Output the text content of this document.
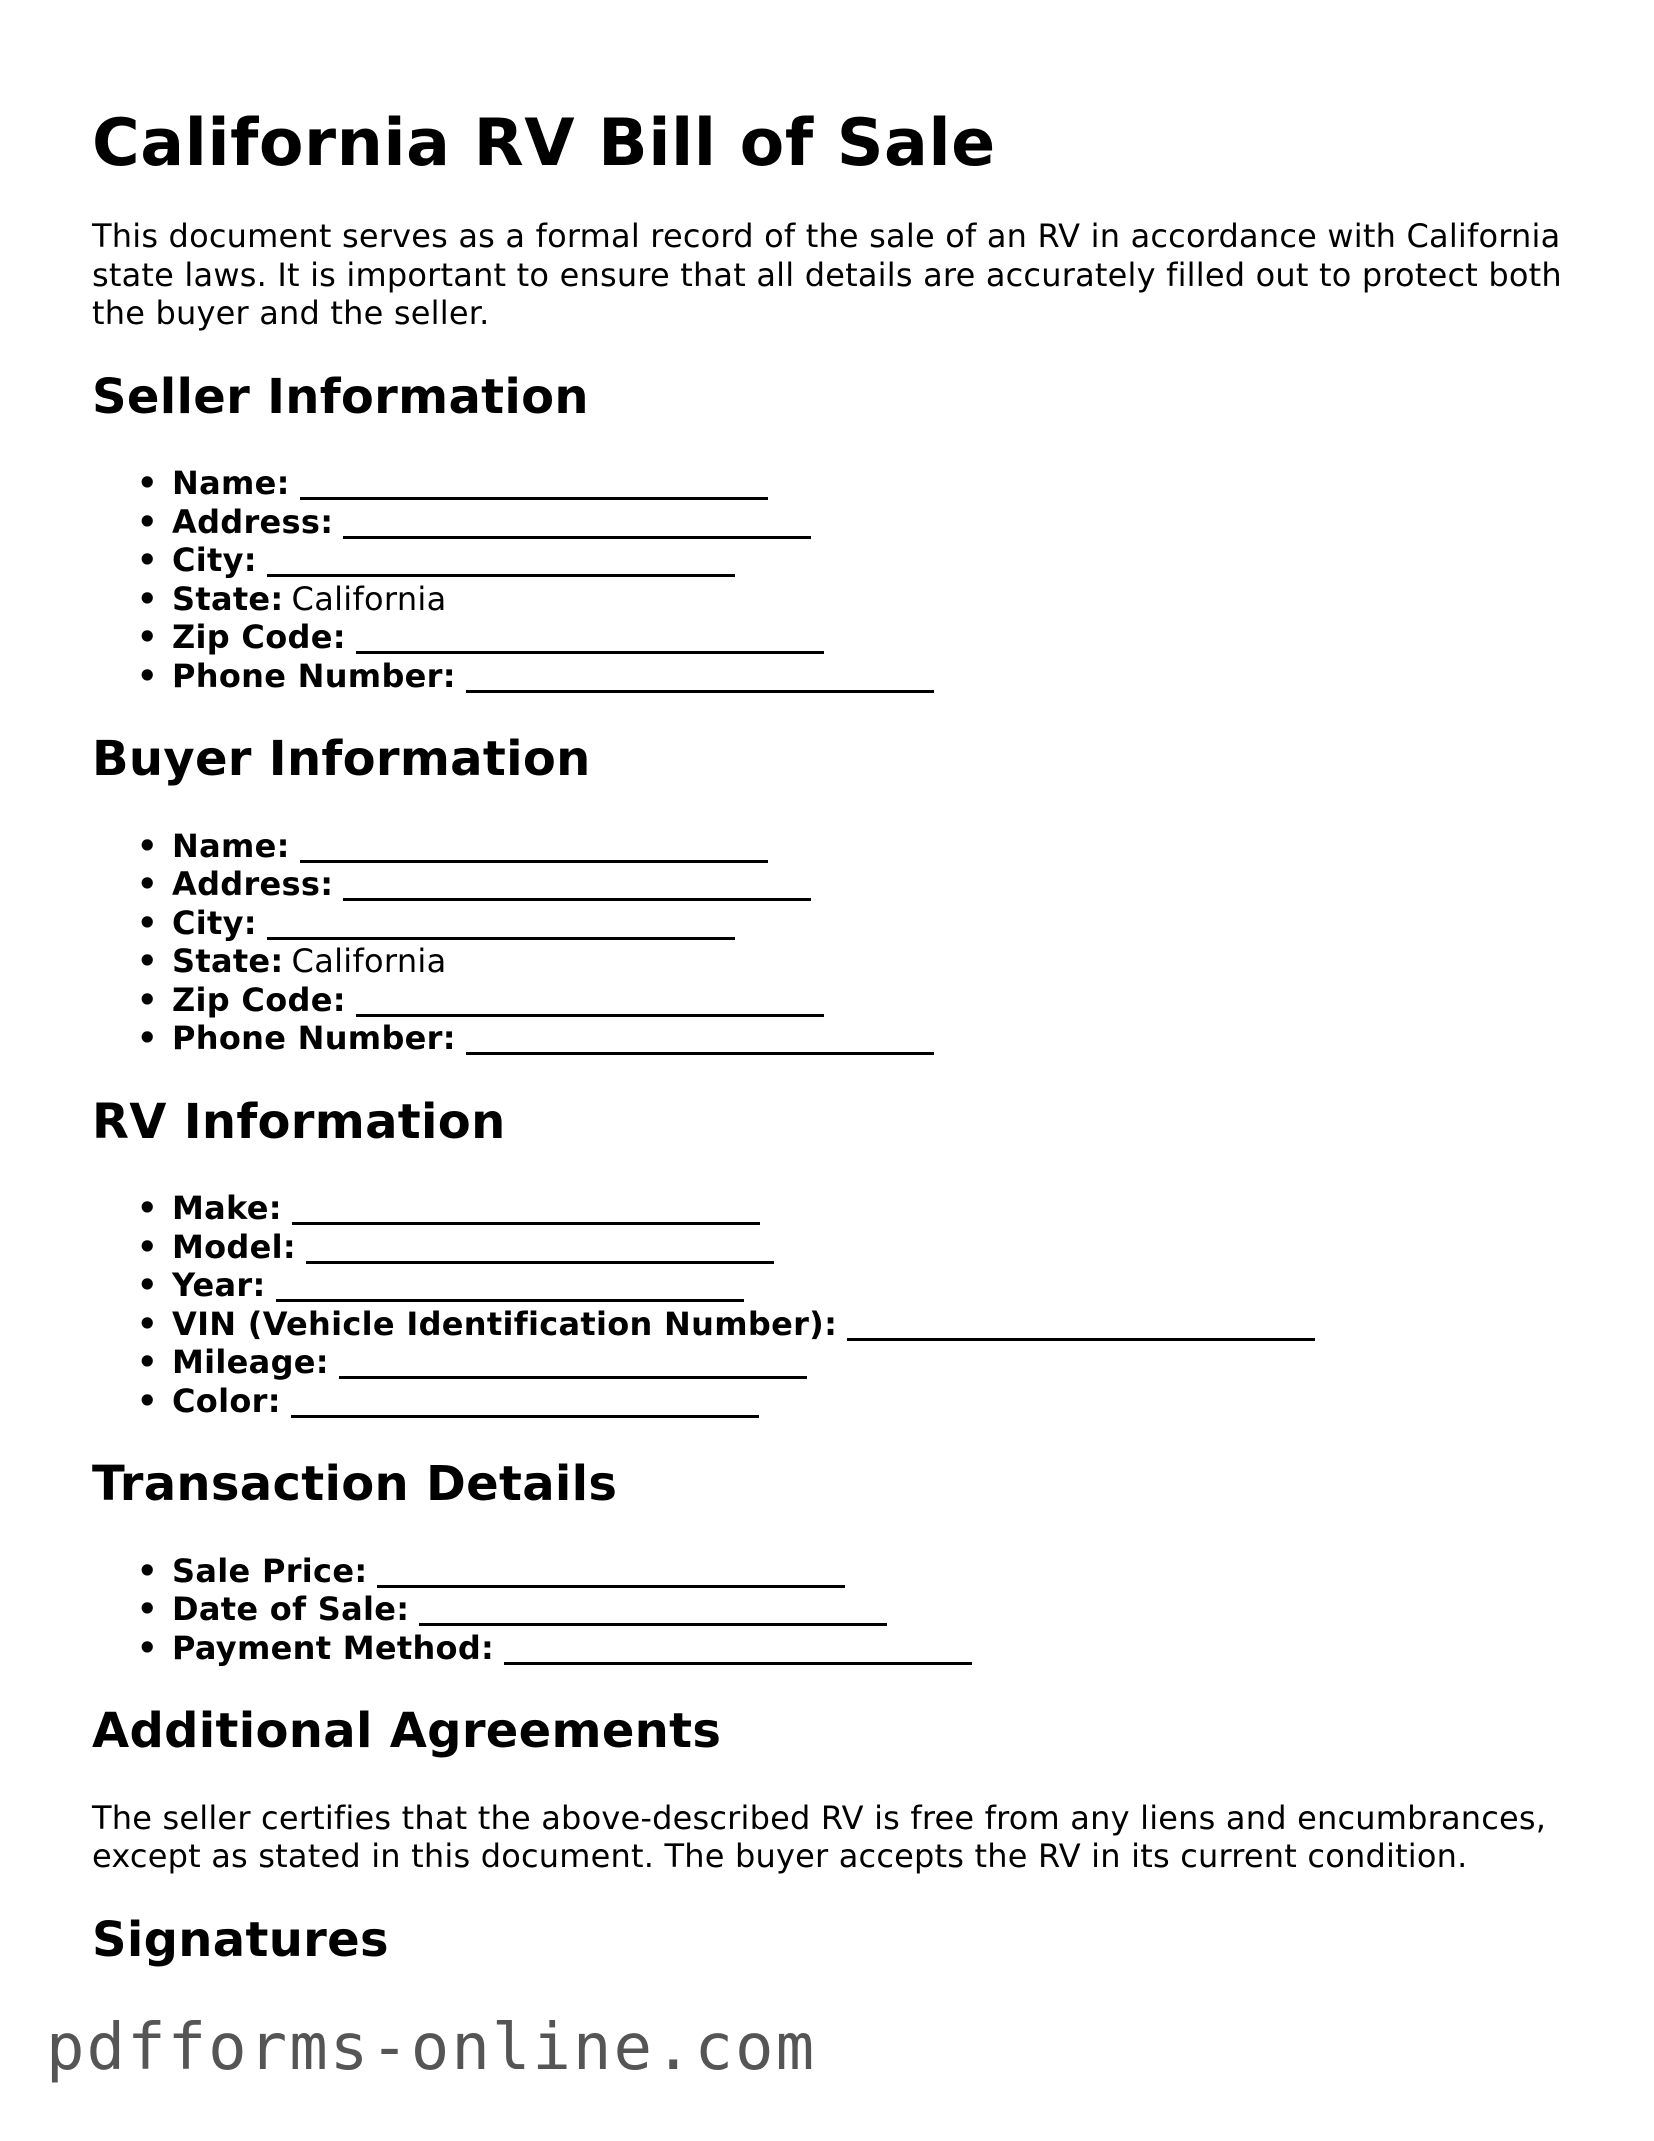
California RV Bill of Sale

This document serves as a formal record of the sale of an RV in accordance with California state laws. It is important to ensure that all details are accurately filled out to protect both the buyer and the seller.

Seller Information
• Name:
• Address:
• City:
• State: California
• Zip Code:
• Phone Number:
Buyer Information
• Name:
• Address:
• City:
• State: California
• Zip Code:
• Phone Number:
RV Information
• Make:
• Model:
• Year:
• VIN (Vehicle Identification Number):
• Mileage:
• Color:
Transaction Details
• Sale Price:
• Date of Sale:
• Payment Method:
Additional Agreements

The seller certifies that the above-described RV is free from any liens and encumbrances, except as stated in this document. The buyer accepts the RV in its current condition.

Signatures
pdfforms-online.com
